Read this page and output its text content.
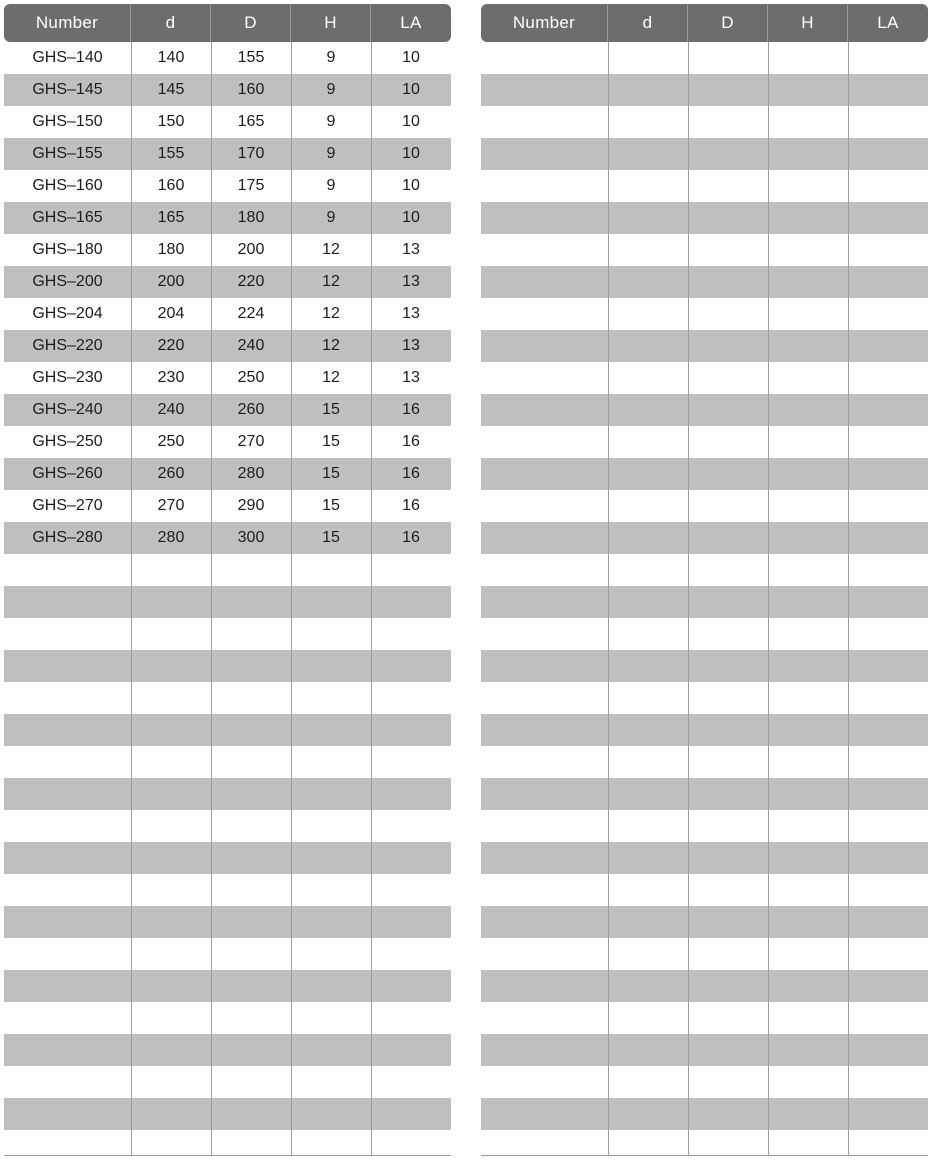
Number	d	D	H	LA
GHS–140	140	155	9	10
GHS–145	145	160	9	10
GHS–150	150	165	9	10
GHS–155	155	170	9	10
GHS–160	160	175	9	10
GHS–165	165	180	9	10
GHS–180	180	200	12	13
GHS–200	200	220	12	13
GHS–204	204	224	12	13
GHS–220	220	240	12	13
GHS–230	230	250	12	13
GHS–240	240	260	15	16
GHS–250	250	270	15	16
GHS–260	260	280	15	16
GHS–270	270	290	15	16
GHS–280	280	300	15	16
Number	d	D	H	LA
